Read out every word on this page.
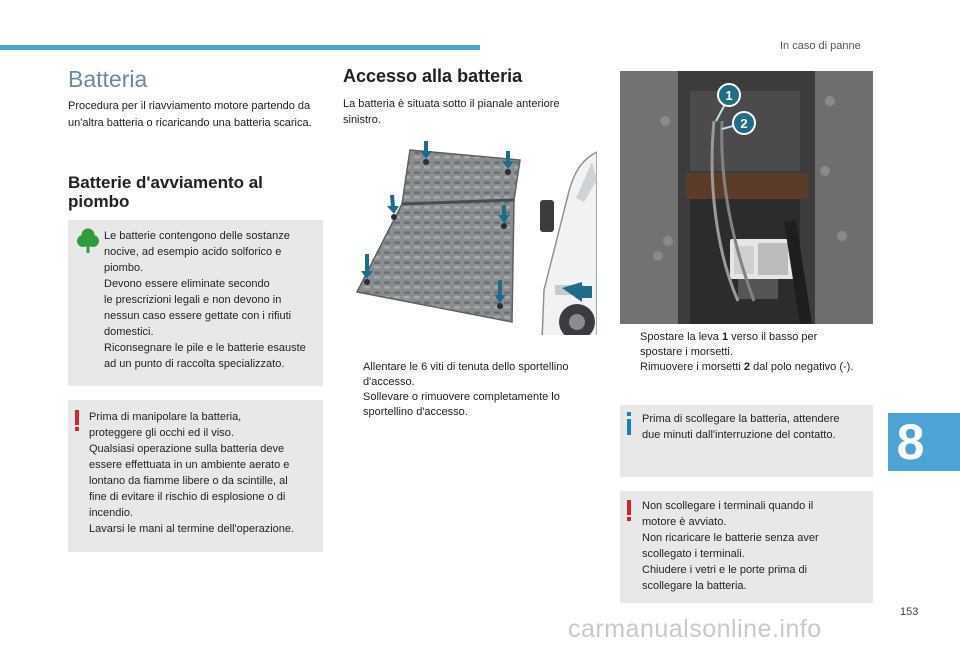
In caso di panne
Batteria

Procedura per il riavviamento motore partendo da un'altra batteria o ricaricando una batteria scarica.

Batterie d'avviamento al
piombo
Le batterie contengono delle sostanze
nocive, ad esempio acido solforico e
piombo.
Devono essere eliminate secondo
le prescrizioni legali e non devono in
nessun caso essere gettate con i rifiuti
domestici.
Riconsegnare le pile e le batterie esauste
ad un punto di raccolta specializzato.
Prima di manipolare la batteria,
proteggere gli occhi ed il viso.
Qualsiasi operazione sulla batteria deve
essere effettuata in un ambiente aerato e
lontano da fiamme libere o da scintille, al
fine di evitare il rischio di esplosione o di
incendio.
Lavarsi le mani al termine dell'operazione.
Accesso alla batteria

La batteria è situata sotto il pianale anteriore
sinistro.

Allentare le 6 viti di tenuta dello sportellino
d'accesso.
Sollevare o rimuovere completamente lo
sportellino d'accesso.
1
2
Spostare la leva 1 verso il basso per
spostare i morsetti.
Rimuovere i morsetti 2 dal polo negativo (-).
Prima di scollegare la batteria, attendere
due minuti dall'interruzione del contatto.
Non scollegare i terminali quando il
motore è avviato.
Non ricaricare le batterie senza aver
scollegato i terminali.
Chiudere i vetri e le porte prima di
scollegare la batteria.
8
153
carmanualsonline.info
